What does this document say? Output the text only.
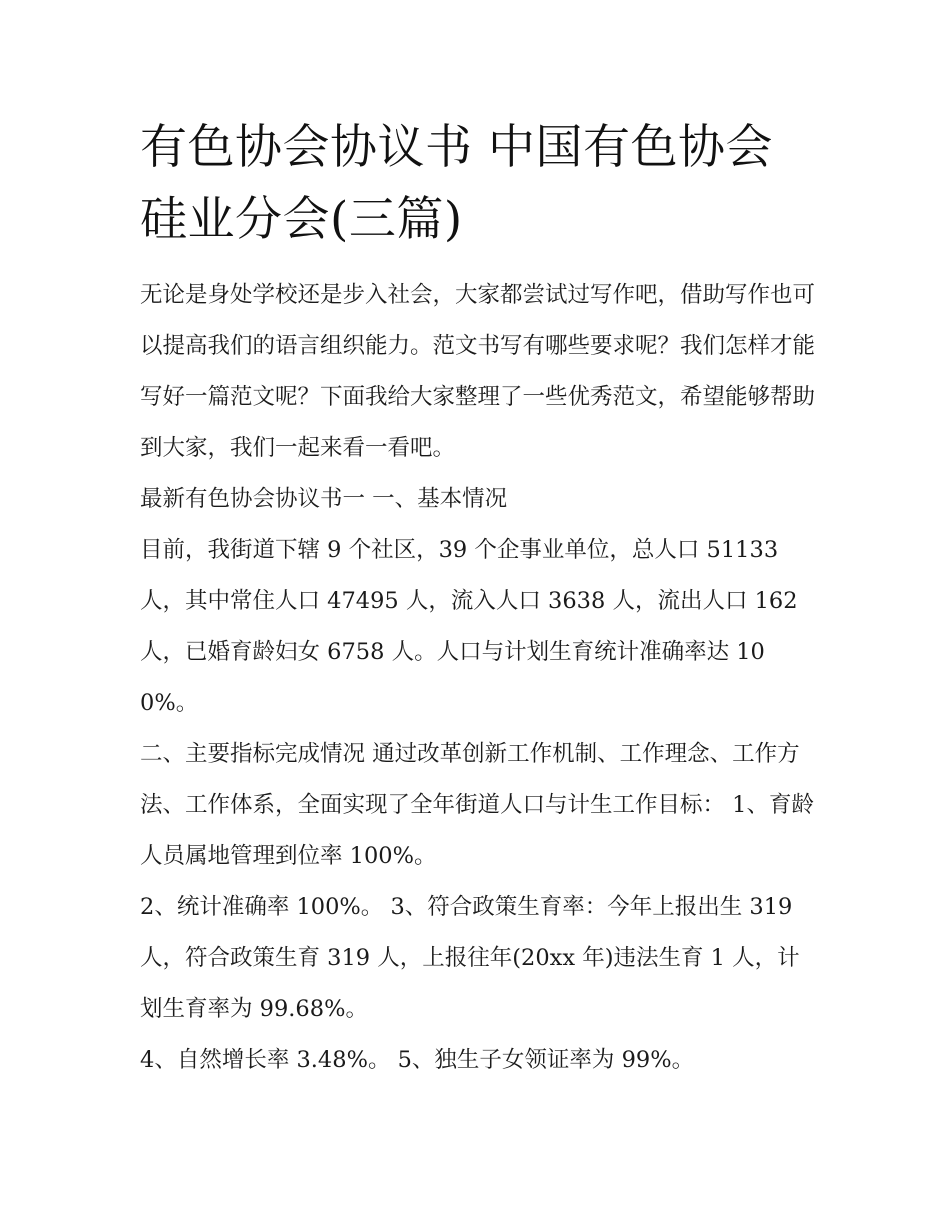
有色协会协议书 中国有色协会硅业分会(三篇)

无论是身处学校还是步入社会，大家都尝试过写作吧，借助写作也可以提高我们的语言组织能力。范文书写有哪些要求呢？我们怎样才能写好一篇范文呢？下面我给大家整理了一些优秀范文，希望能够帮助到大家，我们一起来看一看吧。

最新有色协会协议书一 一、基本情况

目前，我街道下辖 9 个社区，39 个企事业单位，总人口 51133 人，其中常住人口 47495 人，流入人口 3638 人，流出人口 162 人，已婚育龄妇女 6758 人。人口与计划生育统计准确率达 100%。

二、主要指标完成情况 通过改革创新工作机制、工作理念、工作方法、工作体系，全面实现了全年街道人口与计生工作目标： 1、育龄人员属地管理到位率 100%。

2、统计准确率 100%。 3、符合政策生育率：今年上报出生 319 人，符合政策生育 319 人，上报往年(20xx 年)违法生育 1 人，计划生育率为 99.68%。

4、自然增长率 3.48%。 5、独生子女领证率为 99%。
